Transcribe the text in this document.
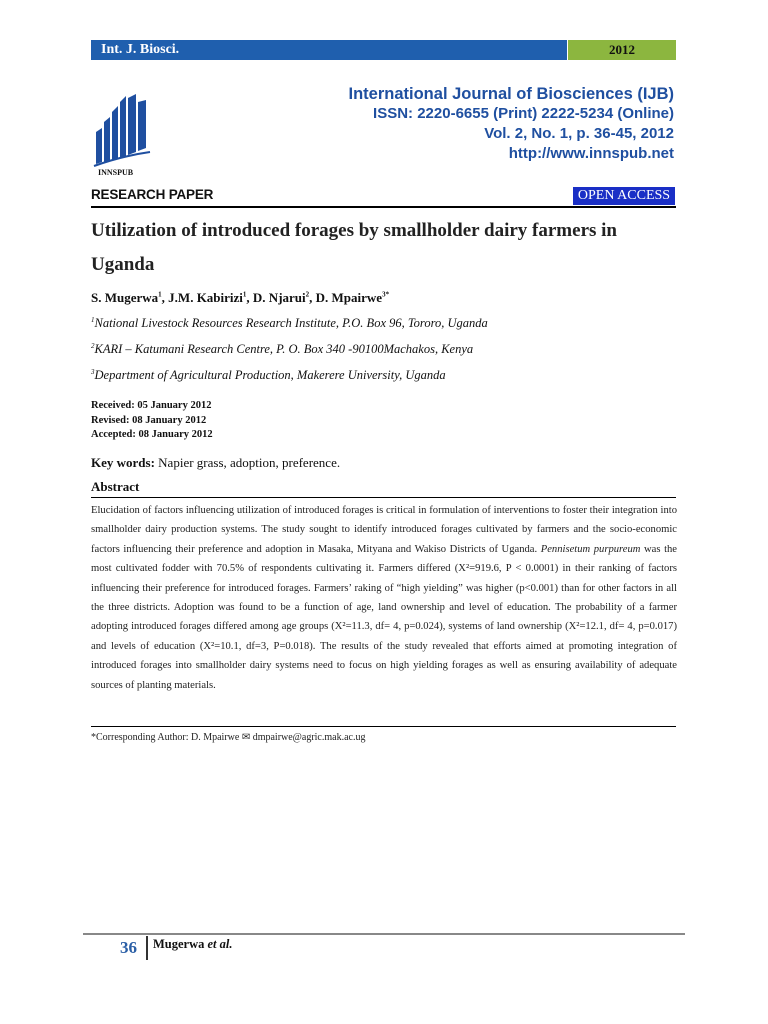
Int. J. Biosci.	2012
INNSPUB
International Journal of Biosciences (IJB)
ISSN: 2220-6655 (Print) 2222-5234 (Online)
Vol. 2, No. 1, p. 36-45, 2012
http://www.innspub.net
RESEARCH PAPER	OPEN ACCESS
Utilization of introduced forages by smallholder dairy farmers in Uganda
S. Mugerwa$^1$, J.M. Kabirizi$^1$, D. Njarui$^2$, D. Mpairwe$^{3*}$
$^1$National Livestock Resources Research Institute, P.O. Box 96, Tororo, Uganda
$^2$KARI – Katumani Research Centre, P. O. Box 340 -90100Machakos, Kenya
$^3$Department of Agricultural Production, Makerere University, Uganda
Received: 05 January 2012
Revised: 08 January 2012
Accepted: 08 January 2012
Key words: Napier grass, adoption, preference.
Abstract
Elucidation of factors influencing utilization of introduced forages is critical in formulation of interventions to foster their integration into smallholder dairy production systems. The study sought to identify introduced forages cultivated by farmers and the socio-economic factors influencing their preference and adoption in Masaka, Mityana and Wakiso Districts of Uganda. Pennisetum purpureum was the most cultivated fodder with 70.5% of respondents cultivating it. Farmers differed (X²=919.6, P < 0.0001) in their ranking of factors influencing their preference for introduced forages. Farmers’ raking of “high yielding” was higher (p<0.001) than for other factors in all the three districts. Adoption was found to be a function of age, land ownership and level of education. The probability of a farmer adopting introduced forages differed among age groups (X²=11.3, df= 4, p=0.024), systems of land ownership (X²=12.1, df= 4, p=0.017) and levels of education (X²=10.1, df=3, P=0.018). The results of the study revealed that efforts aimed at promoting integration of introduced forages into smallholder dairy systems need to focus on high yielding forages as well as ensuring availability of adequate sources of planting materials.
*Corresponding Author: D. Mpairwe ✉ dmpairwe@agric.mak.ac.ug
36 Mugerwa et al.
